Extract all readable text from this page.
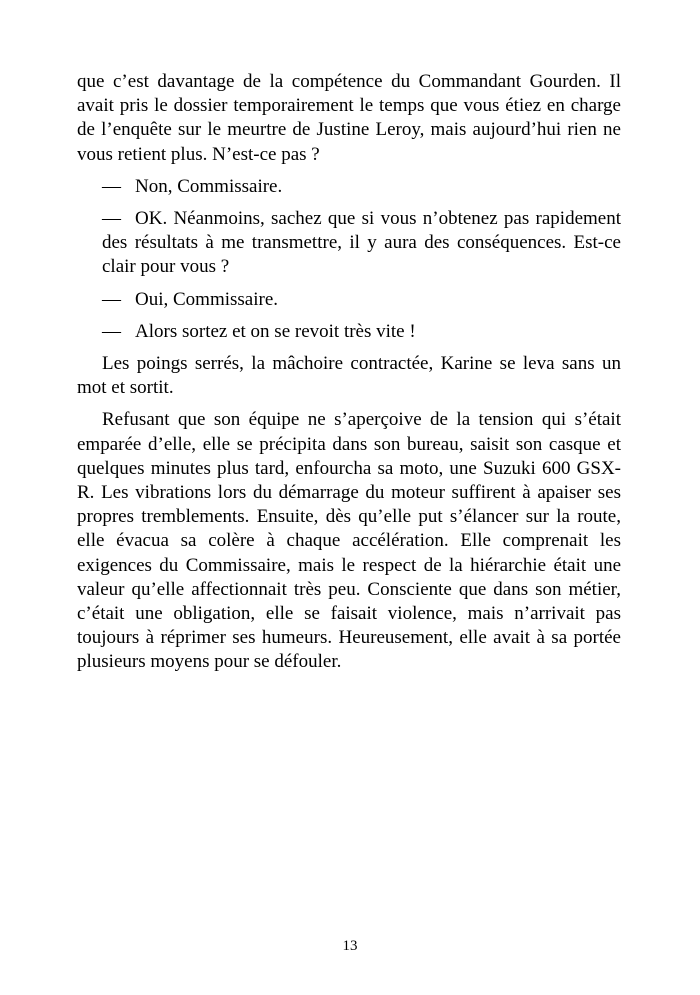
que c’est davantage de la compétence du Commandant Gourden. Il avait pris le dossier temporairement le temps que vous étiez en charge de l’enquête sur le meurtre de Justine Leroy, mais aujourd’hui rien ne vous retient plus. N’est-ce pas ?

— Non, Commissaire.

— OK. Néanmoins, sachez que si vous n’obtenez pas rapidement des résultats à me transmettre, il y aura des conséquences. Est-ce clair pour vous ?

— Oui, Commissaire.

— Alors sortez et on se revoit très vite !

Les poings serrés, la mâchoire contractée, Karine se leva sans un mot et sortit.

Refusant que son équipe ne s’aperçoive de la tension qui s’était emparée d’elle, elle se précipita dans son bureau, saisit son casque et quelques minutes plus tard, enfourcha sa moto, une Suzuki 600 GSX-R. Les vibrations lors du démarrage du moteur suffirent à apaiser ses propres tremblements. Ensuite, dès qu’elle put s’élancer sur la route, elle évacua sa colère à chaque accélération. Elle comprenait les exigences du Commissaire, mais le respect de la hiérarchie était une valeur qu’elle affectionnait très peu. Consciente que dans son métier, c’était une obligation, elle se faisait violence, mais n’arrivait pas toujours à réprimer ses humeurs. Heureusement, elle avait à sa portée plusieurs moyens pour se défouler.

13
